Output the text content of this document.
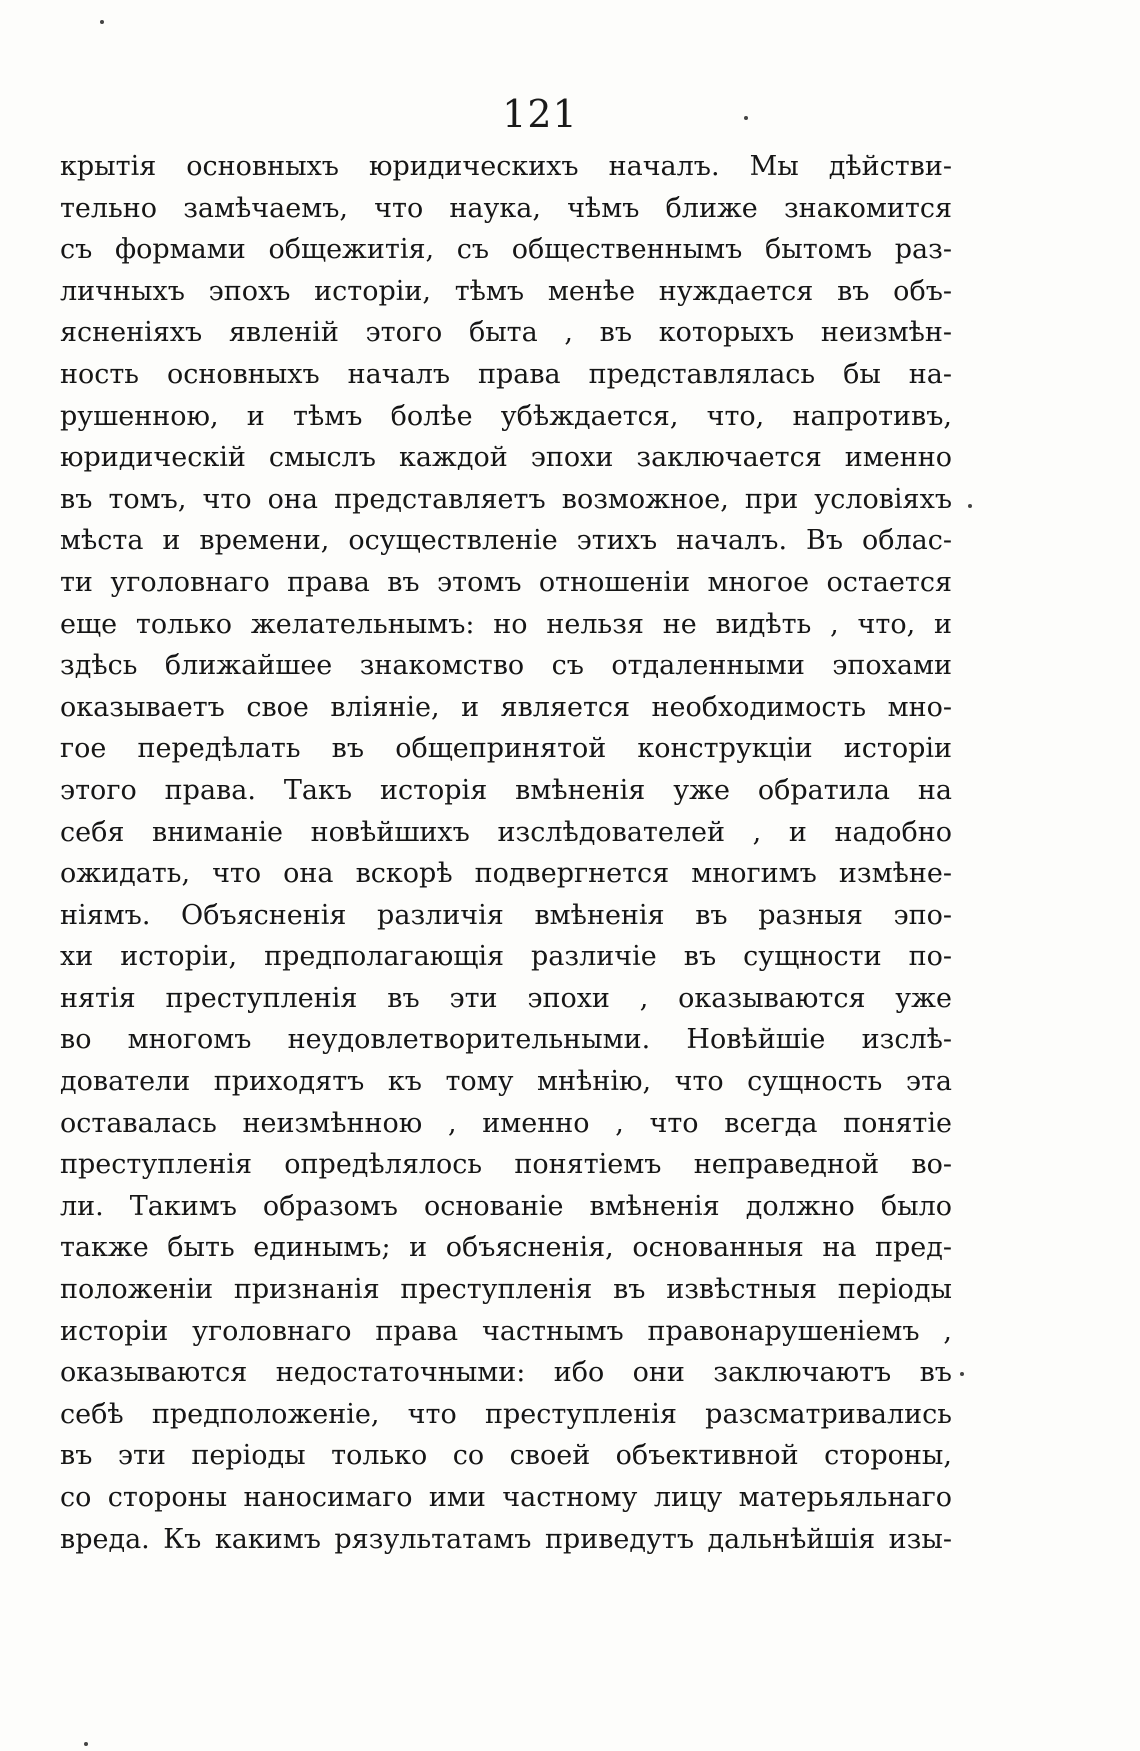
121
крытія основныхъ юридическихъ началъ. Мы дѣйстви-
тельно замѣчаемъ, что наука, чѣмъ ближе знакомится
съ формами общежитія, съ общественнымъ бытомъ раз-
личныхъ эпохъ исторіи, тѣмъ менѣе нуждается въ объ-
ясненіяхъ явленій этого быта , въ которыхъ неизмѣн-
ность основныхъ началъ права представлялась бы на-
рушенною, и тѣмъ болѣе убѣждается, что, напротивъ,
юридическій смыслъ каждой эпохи заключается именно
въ томъ, что она представляетъ возможное, при условіяхъ
мѣста и времени, осуществленіе этихъ началъ. Въ облас-
ти уголовнаго права въ этомъ отношеніи многое остается
еще только желательнымъ: но нельзя не видѣть , что, и
здѣсь ближайшее знакомство съ отдаленными эпохами
оказываетъ свое вліяніе, и является необходимость мно-
гое передѣлать въ общепринятой конструкціи исторіи
этого права. Такъ исторія вмѣненія уже обратила на
себя вниманіе новѣйшихъ изслѣдователей , и надобно
ожидать, что она вскорѣ подвергнется многимъ измѣне-
ніямъ. Объясненія различія вмѣненія въ разныя эпо-
хи исторіи, предполагающія различіе въ сущности по-
нятія преступленія въ эти эпохи , оказываются уже
во многомъ неудовлетворительными. Новѣйшіе изслѣ-
дователи приходятъ къ тому мнѣнію, что сущность эта
оставалась неизмѣнною , именно , что всегда понятіе
преступленія опредѣлялось понятіемъ неправедной во-
ли. Такимъ образомъ основаніе вмѣненія должно было
также быть единымъ; и объясненія, основанныя на пред-
положеніи признанія преступленія въ извѣстныя періоды
исторіи уголовнаго права частнымъ правонарушеніемъ ,
оказываются недостаточными: ибо они заключаютъ въ
себѣ предположеніе, что преступленія разсматривались
въ эти періоды только со своей объективной стороны,
со стороны наносимаго ими частному лицу матерьяльнаго
вреда. Къ какимъ рязультатамъ приведутъ дальнѣйшія изы-
